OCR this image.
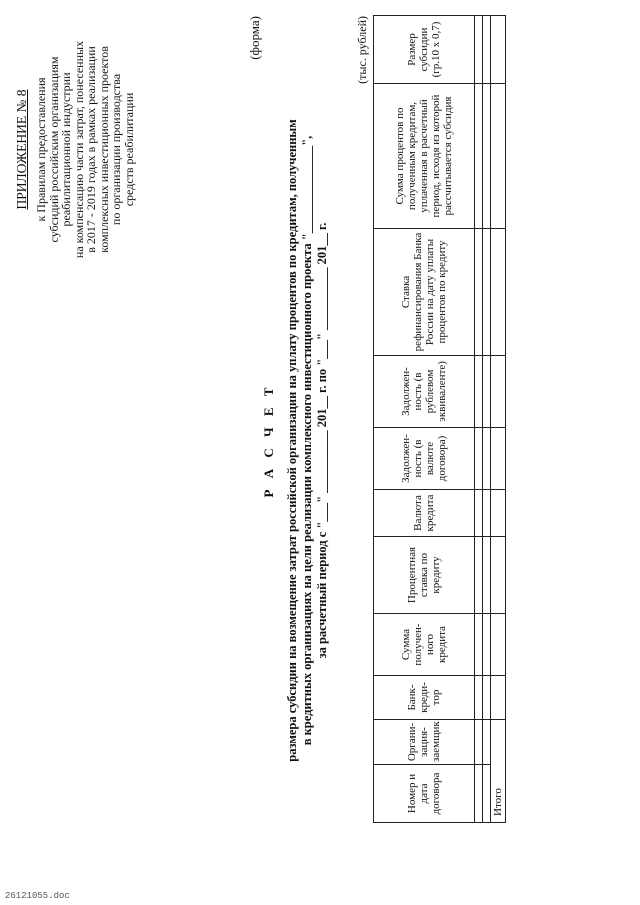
ПРИЛОЖЕНИЕ № 8 к Правилам предоставления
субсидий российским организациям
реабилитационной индустрии
на компенсацию части затрат, понесенных
в 2017 - 2019 годах в рамках реализации
комплексных инвестиционных проектов
по организации производства
средств реабилитации
(форма)
Р А С Ч Е Т размера субсидии на возмещение затрат российской организации на уплату процентов по кредитам, полученным в кредитных организациях на цели реализации комплексного инвестиционного проекта "______________", за расчетный период с "___" __________ 201__ г. по "___" __________ 201__ г.
(тыс. рублей)
Номер и дата договора	Органи-зация-заемщик	Банк-креди-тор	Сумма получен-ного кредита	Процентная ставка по кредиту	Валюта кредита	Задолжен-ность (в валюте договора)	Задолжен-ность (в рублевом эквиваленте)	Ставка рефинансирования Банка России на дату уплаты процентов по кредиту	Сумма процентов по полученным кредитам, уплаченная в расчетный период, исходя из которой рассчитывается субсидия	Размер субсидии (гр.10 x 0,7)

Итого										
26121055.doc
